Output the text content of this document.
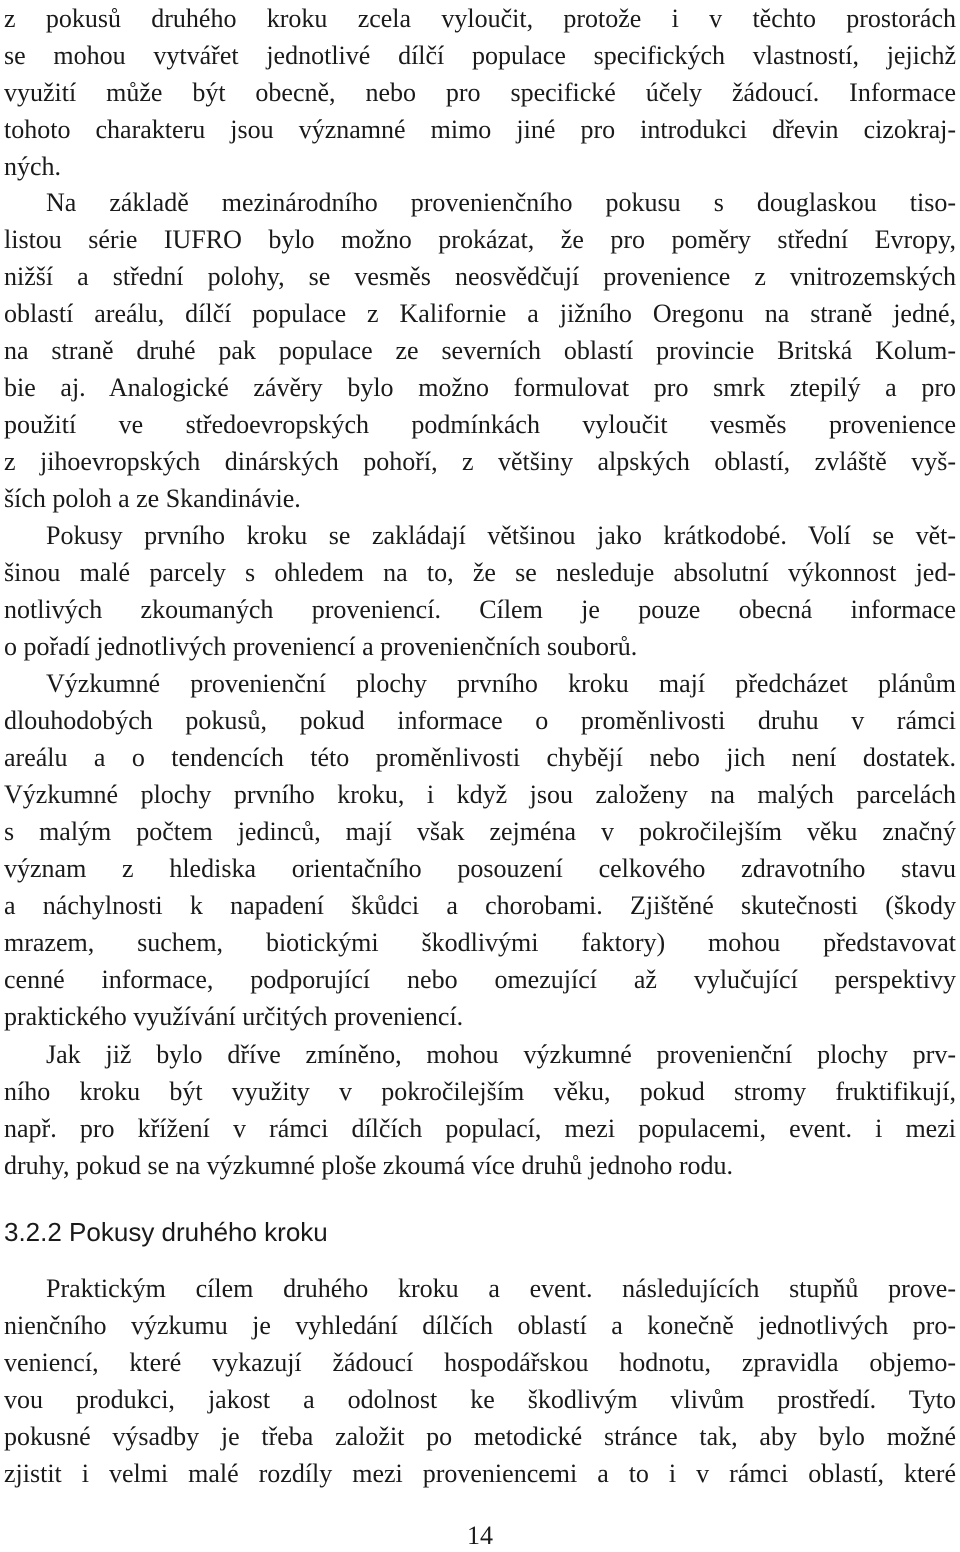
z pokusů druhého kroku zcela vyloučit, protože i v těchto prostorách
se mohou vytvářet jednotlivé dílčí populace specifických vlastností, jejichž
využití může být obecně, nebo pro specifické účely žádoucí. Informace
tohoto charakteru jsou významné mimo jiné pro introdukci dřevin cizokraj-
ných.
Na základě mezinárodního provenienčního pokusu s douglaskou tiso-
listou série IUFRO bylo možno prokázat, že pro poměry střední Evropy,
nižší a střední polohy, se vesměs neosvědčují provenience z vnitrozemských
oblastí areálu, dílčí populace z Kalifornie a jižního Oregonu na straně jedné,
na straně druhé pak populace ze severních oblastí provincie Britská Kolum-
bie aj. Analogické závěry bylo možno formulovat pro smrk ztepilý a pro
použití ve středoevropských podmínkách vyloučit vesměs provenience
z jihoevropských dinárských pohoří, z většiny alpských oblastí, zvláště vyš-
ších poloh a ze Skandinávie.
Pokusy prvního kroku se zakládají většinou jako krátkodobé. Volí se vět-
šinou malé parcely s ohledem na to, že se nesleduje absolutní výkonnost jed-
notlivých zkoumaných proveniencí. Cílem je pouze obecná informace
o pořadí jednotlivých proveniencí a provenienčních souborů.
Výzkumné provenienční plochy prvního kroku mají předcházet plánům
dlouhodobých pokusů, pokud informace o proměnlivosti druhu v rámci
areálu a o tendencích této proměnlivosti chybějí nebo jich není dostatek.
Výzkumné plochy prvního kroku, i když jsou založeny na malých parcelách
s malým počtem jedinců, mají však zejména v pokročilejším věku značný
význam z hlediska orientačního posouzení celkového zdravotního stavu
a náchylnosti k napadení škůdci a chorobami. Zjištěné skutečnosti (škody
mrazem, suchem, biotickými škodlivými faktory) mohou představovat
cenné informace, podporující nebo omezující až vylučující perspektivy
praktického využívání určitých proveniencí.
Jak již bylo dříve zmíněno, mohou výzkumné provenienční plochy prv-
ního kroku být využity v pokročilejším věku, pokud stromy fruktifikují,
např. pro křížení v rámci dílčích populací, mezi populacemi, event. i mezi
druhy, pokud se na výzkumné ploše zkoumá více druhů jednoho rodu.
3.2.2 Pokusy druhého kroku
Praktickým cílem druhého kroku a event. následujících stupňů prove-
nienčního výzkumu je vyhledání dílčích oblastí a konečně jednotlivých pro-
veniencí, které vykazují žádoucí hospodářskou hodnotu, zpravidla objemo-
vou produkci, jakost a odolnost ke škodlivým vlivům prostředí. Tyto
pokusné výsadby je třeba založit po metodické stránce tak, aby bylo možné
zjistit i velmi malé rozdíly mezi proveniencemi a to i v rámci oblastí, které
14
